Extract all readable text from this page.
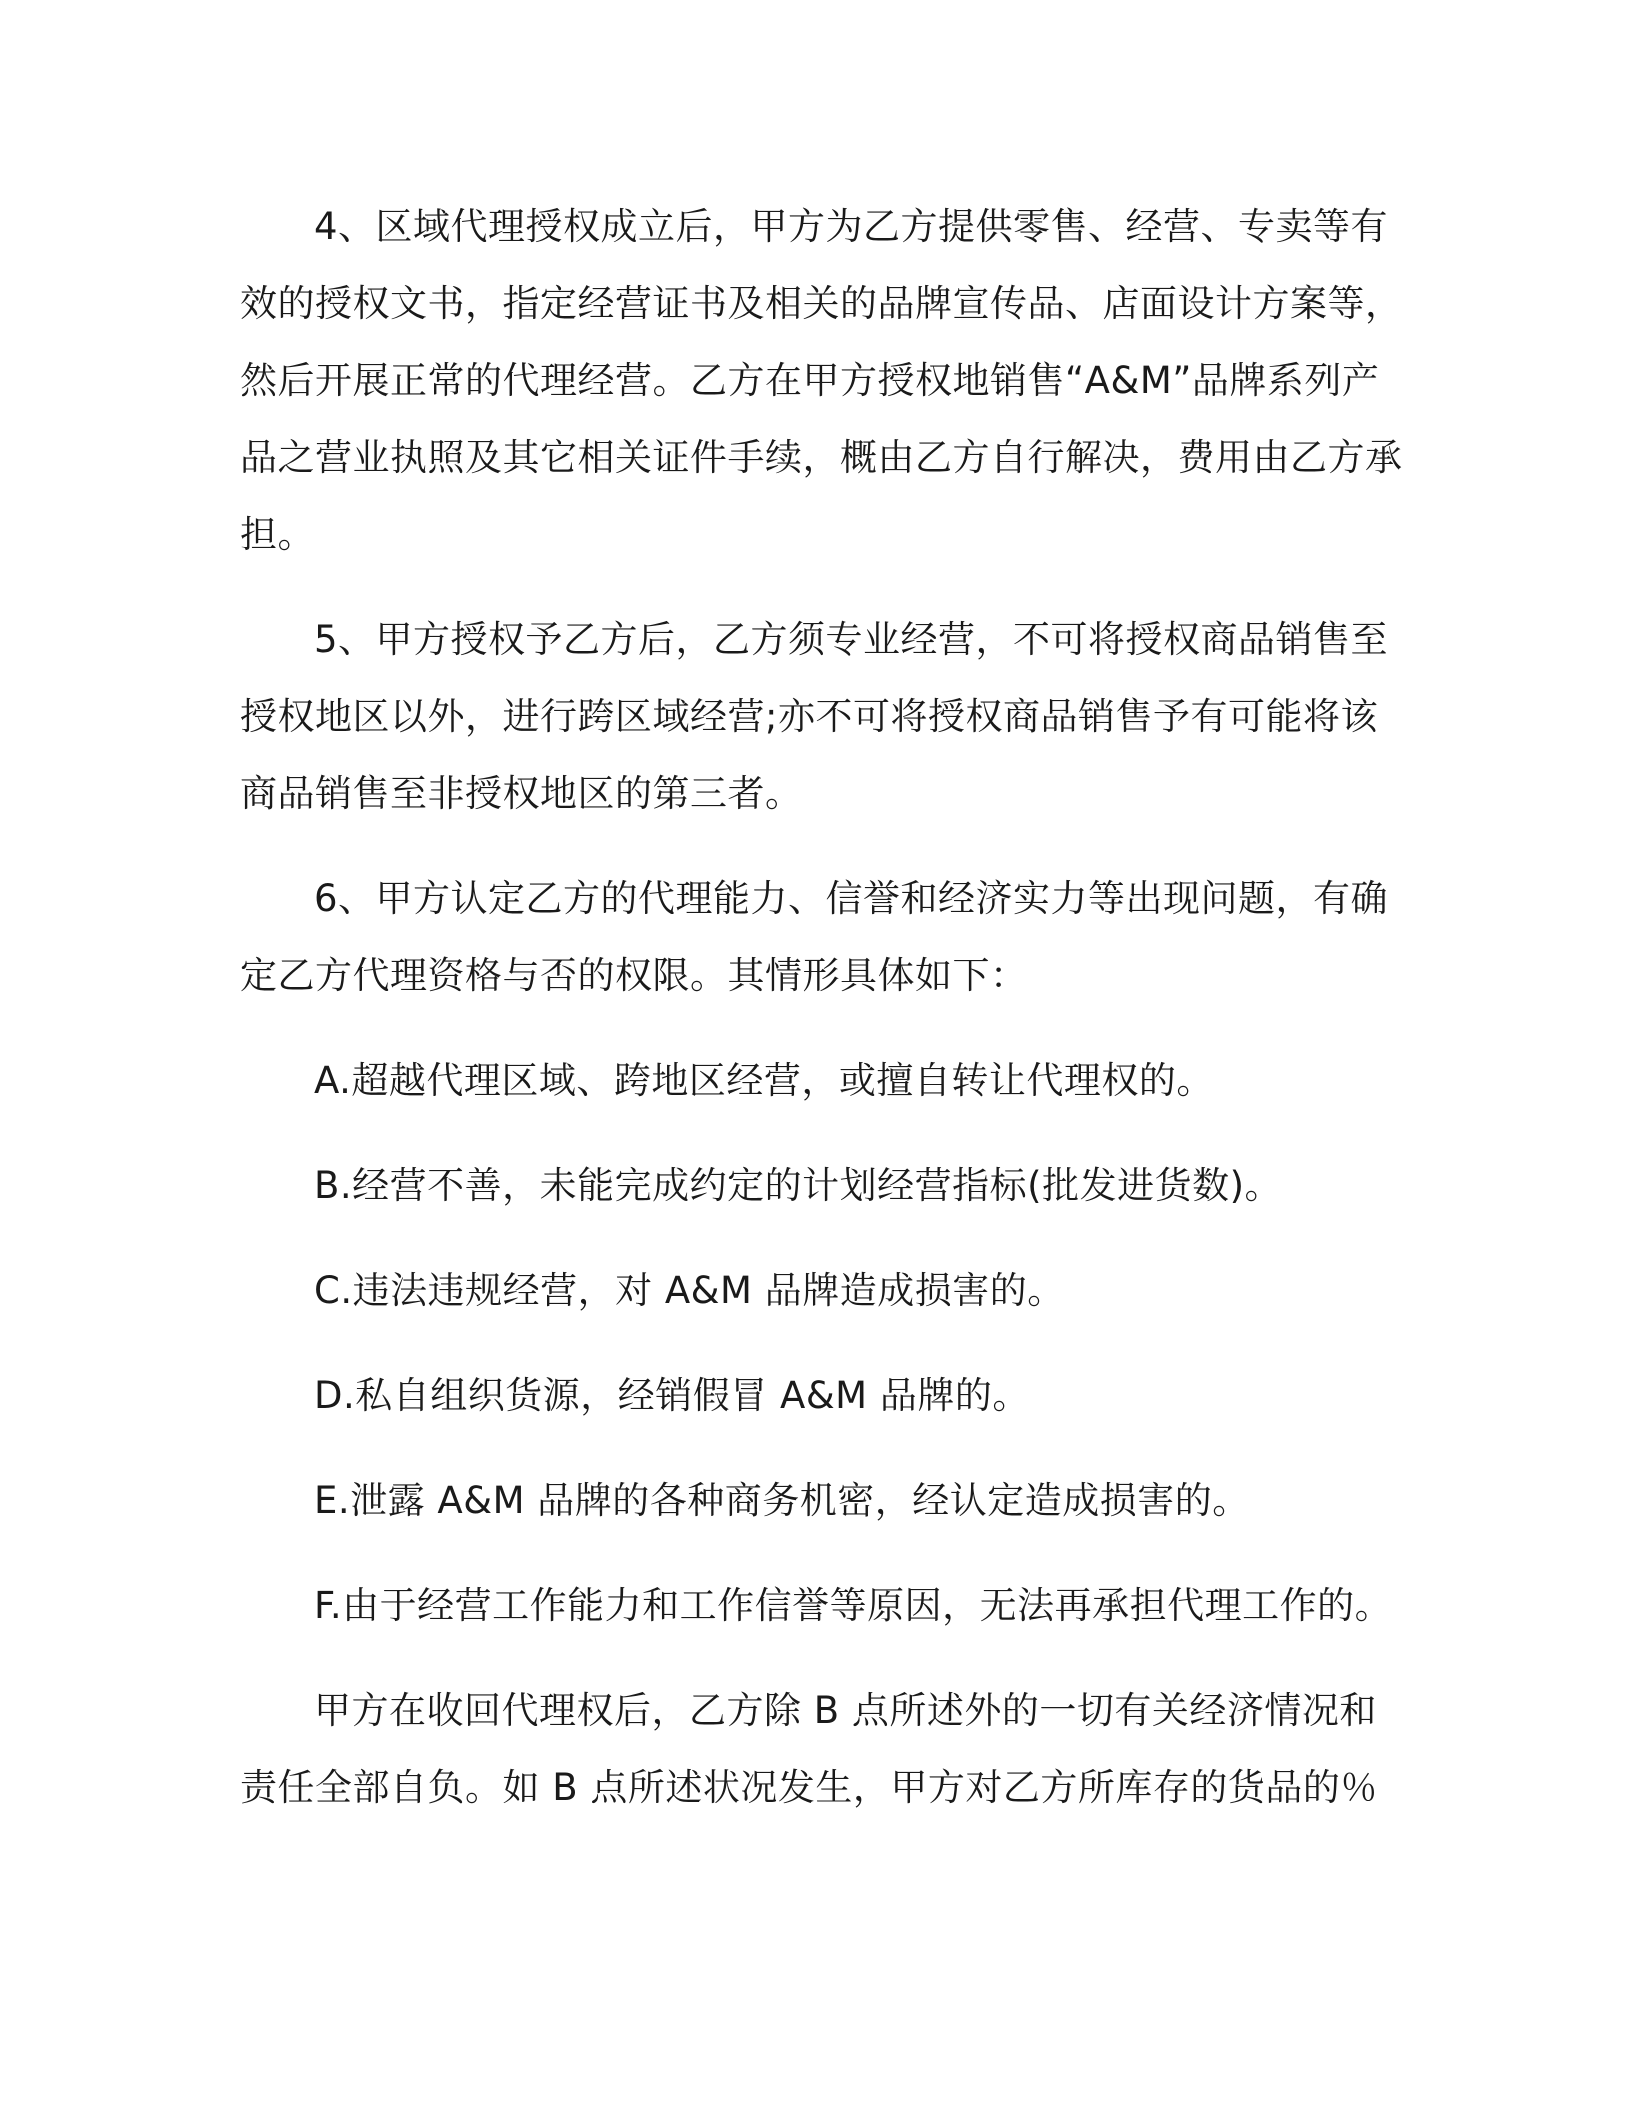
4、区域代理授权成立后，甲方为乙方提供零售、经营、专卖等有效的授权文书，指定经营证书及相关的品牌宣传品、店面设计方案等，然后开展正常的代理经营。乙方在甲方授权地销售“A&M”品牌系列产品之营业执照及其它相关证件手续，概由乙方自行解决，费用由乙方承担。

5、甲方授权予乙方后，乙方须专业经营，不可将授权商品销售至授权地区以外，进行跨区域经营;亦不可将授权商品销售予有可能将该商品销售至非授权地区的第三者。

6、甲方认定乙方的代理能力、信誉和经济实力等出现问题，有确定乙方代理资格与否的权限。其情形具体如下：

A.超越代理区域、跨地区经营，或擅自转让代理权的。

B.经营不善，未能完成约定的计划经营指标(批发进货数)。

C.违法违规经营，对 A&M 品牌造成损害的。

D.私自组织货源，经销假冒 A&M 品牌的。

E.泄露 A&M 品牌的各种商务机密，经认定造成损害的。

F.由于经营工作能力和工作信誉等原因，无法再承担代理工作的。

甲方在收回代理权后，乙方除 B 点所述外的一切有关经济情况和责任全部自负。如 B 点所述状况发生，甲方对乙方所库存的货品的％
